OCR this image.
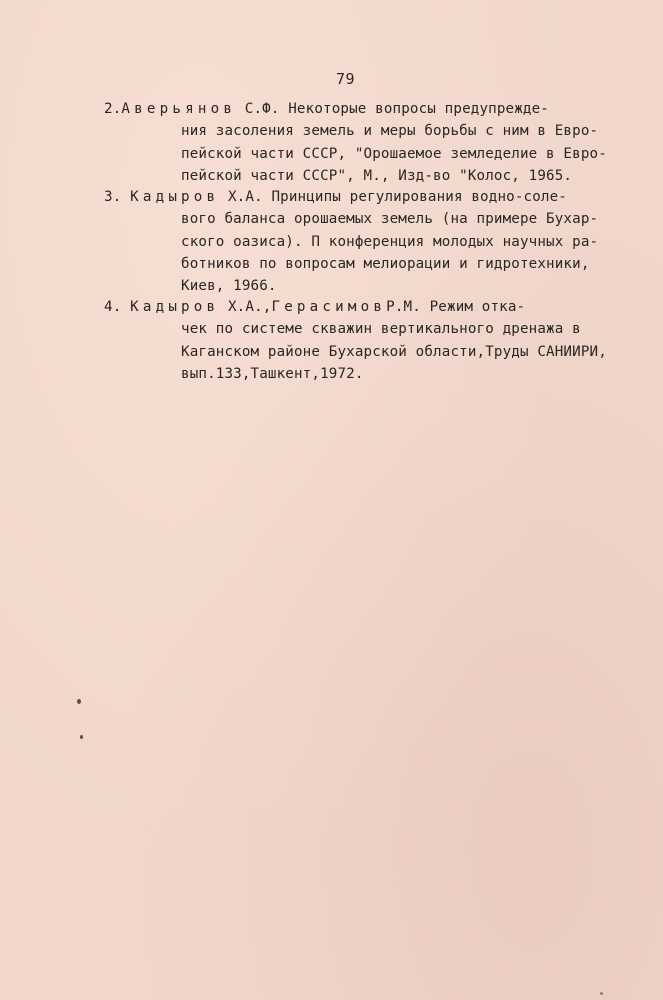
79
2.Аверьянов С.Ф. Некоторые вопросы предупрежде-
ния засоления земель и меры борьбы с ним в Евро-
пейской части СССР, "Орошаемое земледелие в Евро-
пейской части СССР", М., Изд-во "Колос, 1965.
3. Кадыров Х.А. Принципы регулирования водно-соле-
вого баланса орошаемых земель (на примере Бухар-
ского оазиса). П конференция молодых научных ра-
ботников по вопросам мелиорации и гидротехники,
Киев, 1966.
4. Кадыров Х.А.,ГерасимовР.М. Режим отка-
чек по системе скважин вертикального дренажа в
Каганском районе Бухарской области,Труды САНИИРИ,
вып.133,Ташкент,1972.
